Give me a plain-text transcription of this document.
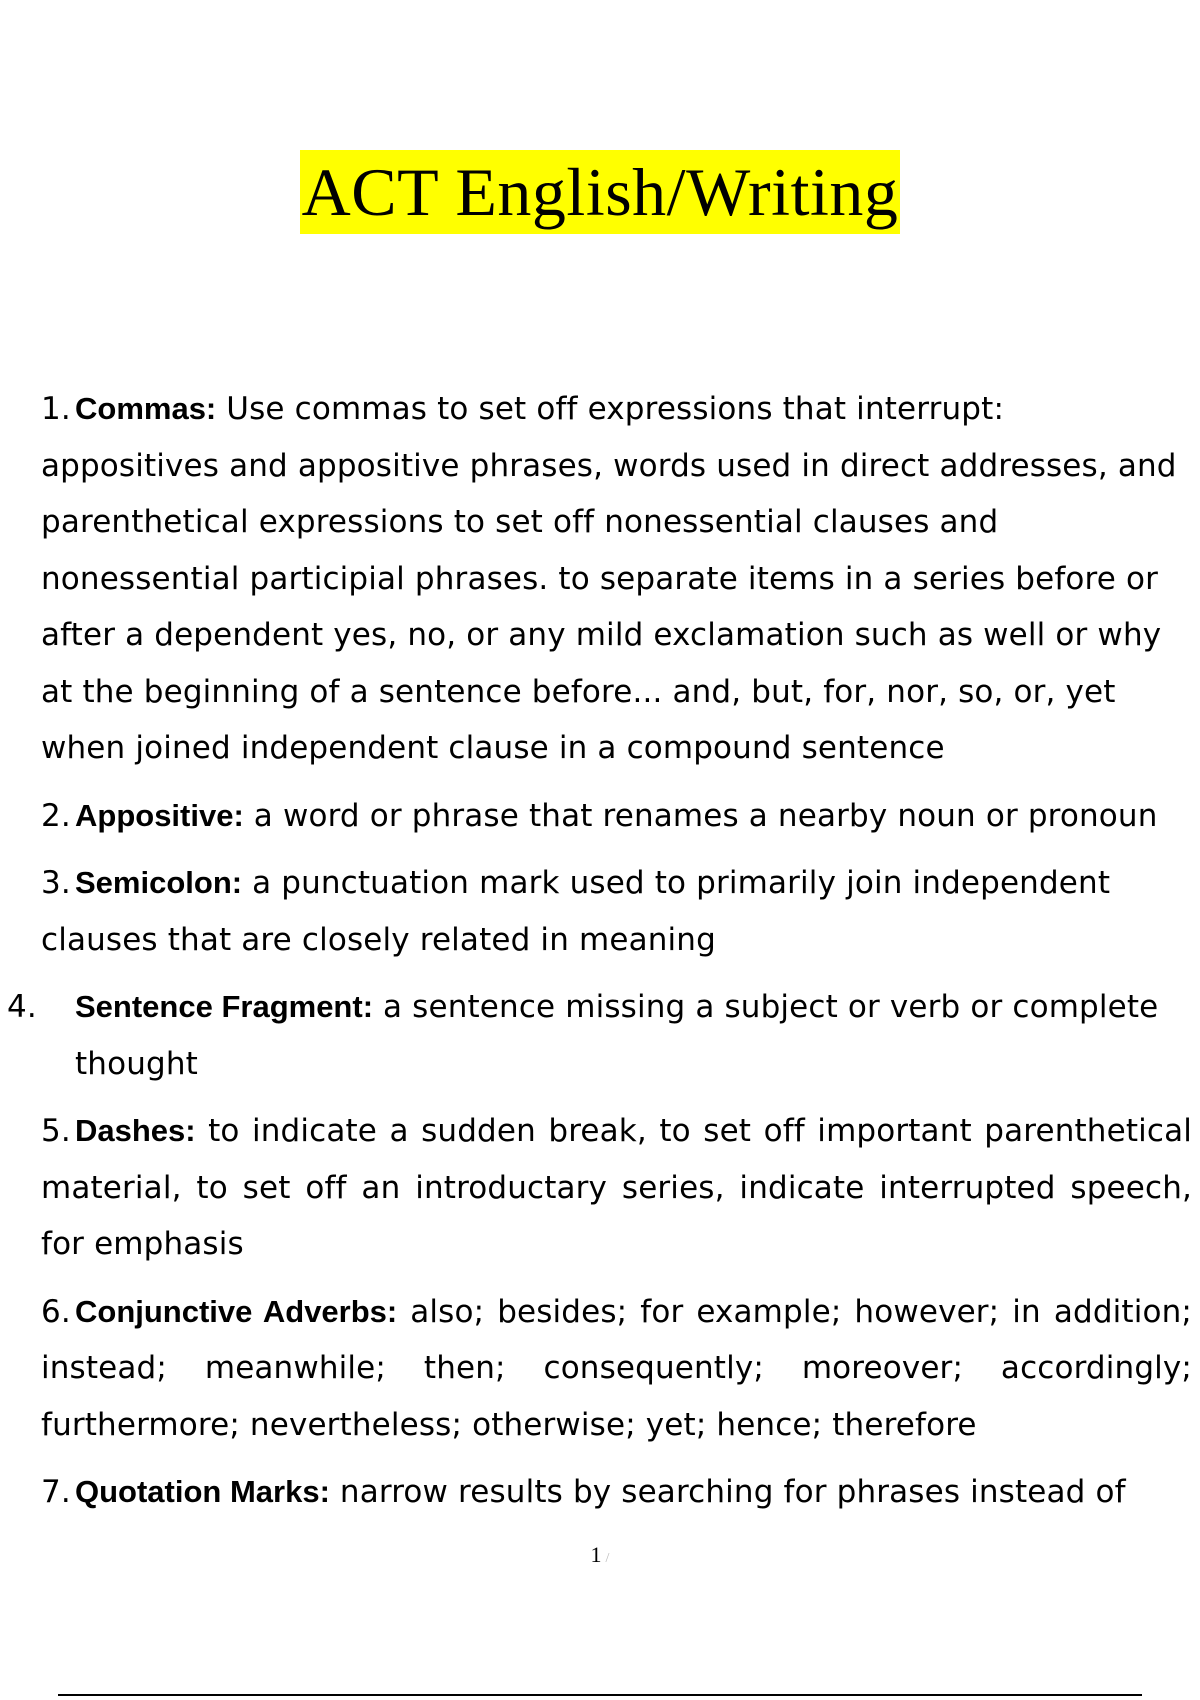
ACT English/Writing

1. Commas: Use commas to set off expressions that interrupt: appositives and appositive phrases, words used in direct addresses, and parenthetical expressions to set off nonessential clauses and nonessential participial phrases. to separate items in a series before or after a dependent yes, no, or any mild exclamation such as well or why at the beginning of a sentence before... and, but, for, nor, so, or, yet when joined independent clause in a compound sentence

2. Appositive: a word or phrase that renames a nearby noun or pronoun

3. Semicolon: a punctuation mark used to primarily join independent clauses that are closely related in meaning

4. Sentence Fragment: a sentence missing a subject or verb or complete thought

5. Dashes: to indicate a sudden break, to set off important parenthetical material, to set off an introductary series, indicate interrupted speech, for emphasis

6. Conjunctive Adverbs: also; besides; for example; however; in addition; instead; meanwhile; then; consequently; moreover; accordingly; furthermore; nevertheless; otherwise; yet; hence; therefore

7. Quotation Marks: narrow results by searching for phrases instead of

1 /
